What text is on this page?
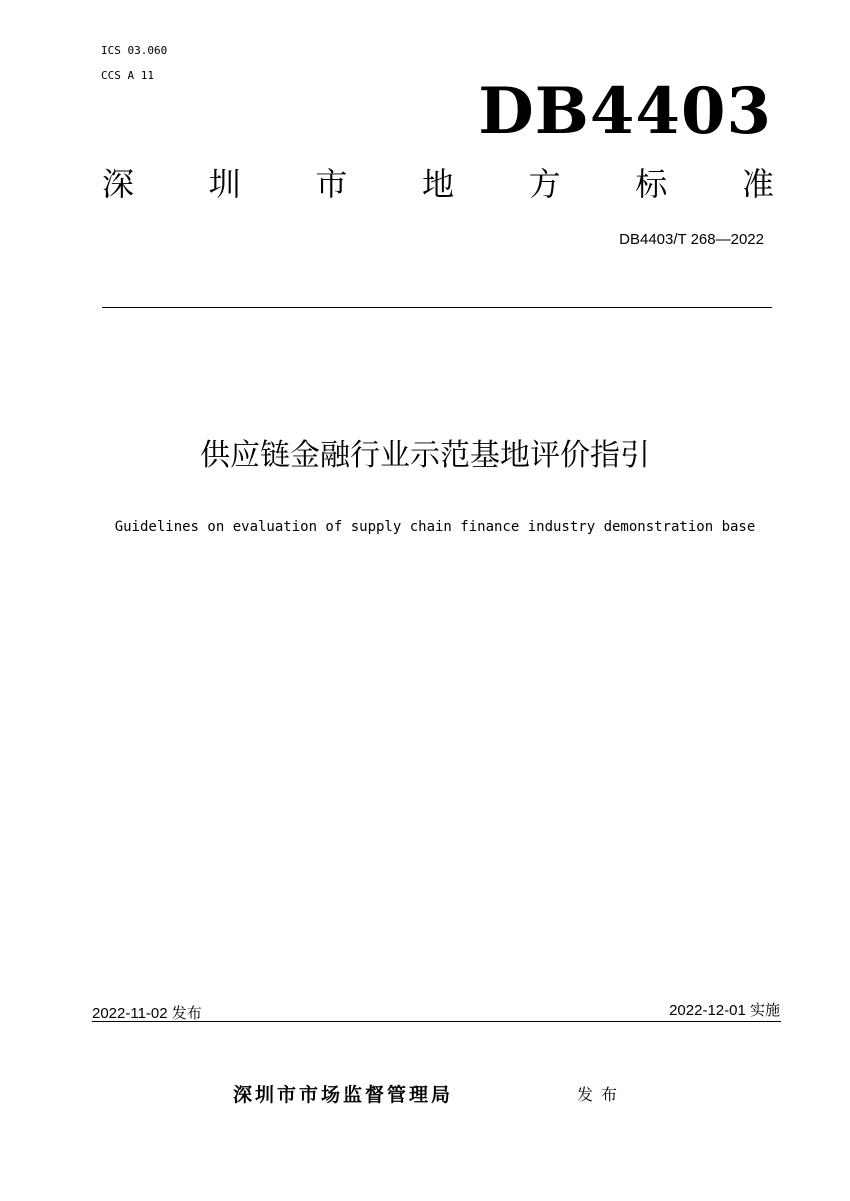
ICS 03.060
CCS A 11	DB4403
深 圳 市 地 方 标 准
DB4403/T 268—2022
供应链金融行业示范基地评价指引
Guidelines on evaluation of supply chain finance industry demonstration base
2022-11-02 发布	2022-12-01 实施
深圳市市场监督管理局	发布
